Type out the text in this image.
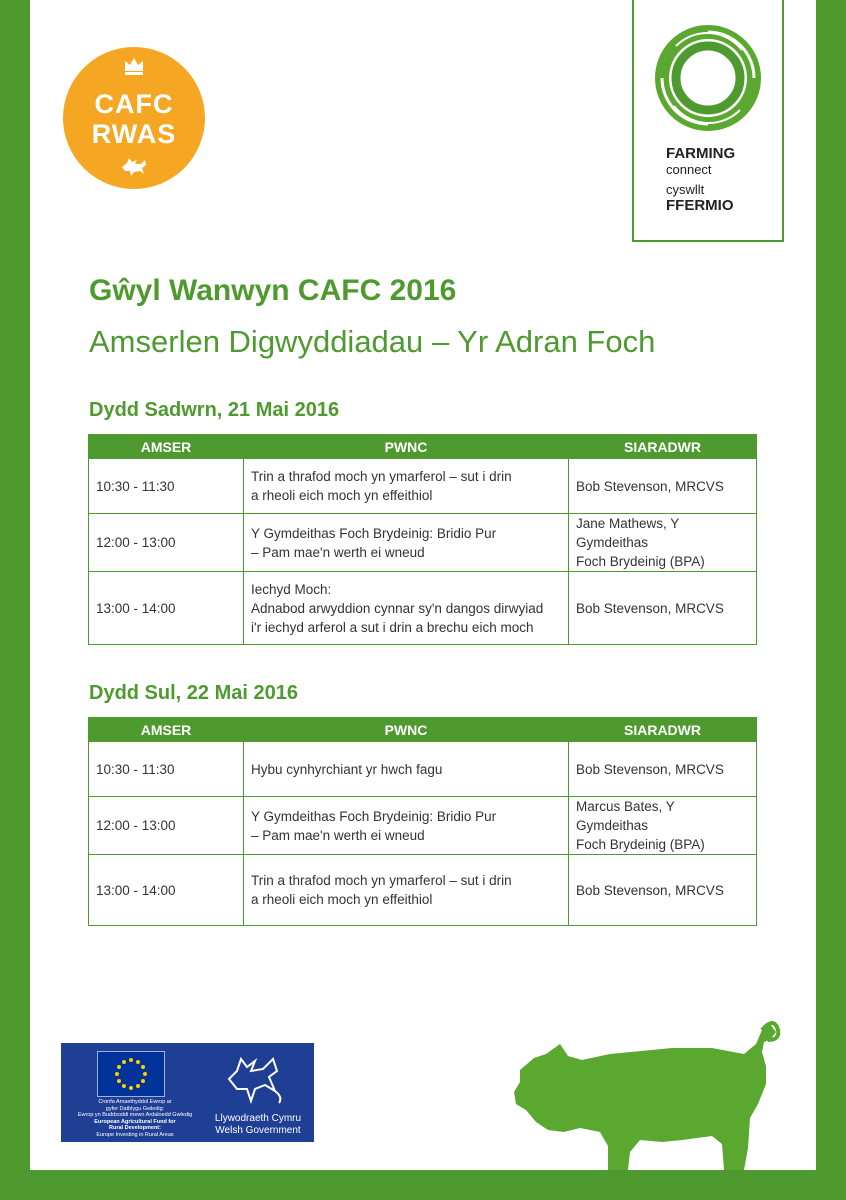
CAFC
RWAS
FARMING
connect
cyswllt
FFERMIO
Gŵyl Wanwyn CAFC 2016
Amserlen Digwyddiadau – Yr Adran Foch
Dydd Sadwrn, 21 Mai 2016
AMSER	PWNC	SIARADWR
10:30 - 11:30	Trin a thrafod moch yn ymarferol – sut i drin
a rheoli eich moch yn effeithiol	Bob Stevenson, MRCVS

12:00 - 13:00	Y Gymdeithas Foch Brydeinig: Bridio Pur
– Pam mae'n werth ei wneud	Jane Mathews, Y Gymdeithas
Foch Brydeinig (BPA)

13:00 - 14:00	Iechyd Moch:
Adnabod arwyddion cynnar sy'n dangos dirwyiad
i'r iechyd arferol a sut i drin a brechu eich moch	Bob Stevenson, MRCVS
Dydd Sul, 22 Mai 2016
AMSER	PWNC	SIARADWR
10:30 - 11:30	Hybu cynhyrchiant yr hwch fagu	Bob Stevenson, MRCVS

12:00 - 13:00	Y Gymdeithas Foch Brydeinig: Bridio Pur
– Pam mae'n werth ei wneud	Marcus Bates, Y Gymdeithas
Foch Brydeinig (BPA)

13:00 - 14:00	Trin a thrafod moch yn ymarferol – sut i drin
a rheoli eich moch yn effeithiol	Bob Stevenson, MRCVS
Cronfa Amaethyddol Ewrop ar
gyfer Datblygu Gwledig:
Ewrop yn Buddsoddi mewn Ardaloedd Gwledig
European Agricultural Fund for
Rural Development:
Europe Investing in Rural Areas
Llywodraeth Cymru
Welsh Government
